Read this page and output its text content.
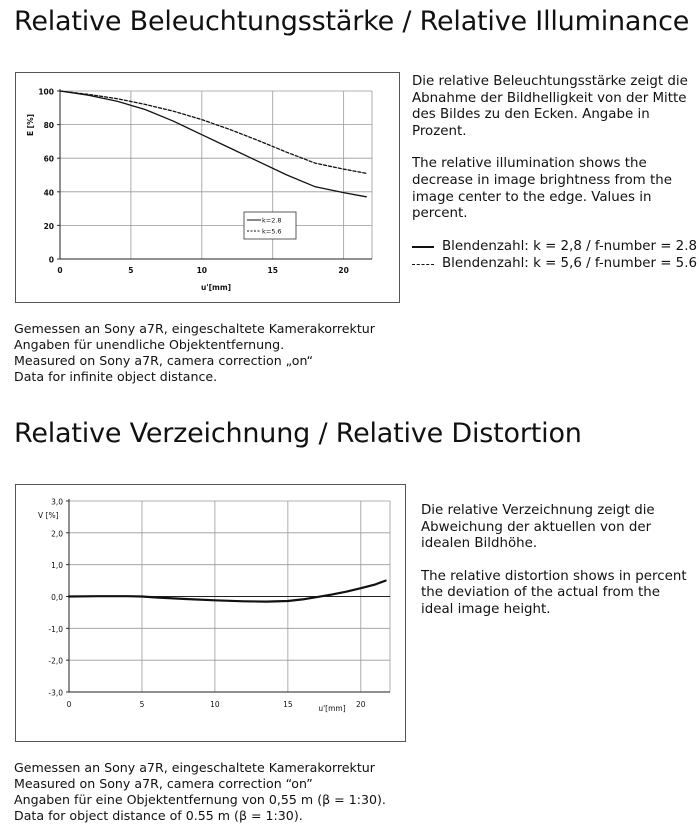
Relative Beleuchtungsstärke / Relative Illuminance
0
20
40
60
80
100
0	5	10	15	20
u'[mm]
E [%]
k=2.8
k=5.6

Die relative Beleuchtungsstärke zeigt die Abnahme der Bildhelligkeit von der Mitte des Bildes zu den Ecken. Angabe in Prozent.

The relative illumination shows the decrease in image brightness from the image center to the edge. Values in percent.

Blendenzahl: k = 2,8 / f-number = 2.8
Blendenzahl: k = 5,6 / f-number = 5.6

Gemessen an Sony a7R, eingeschaltete Kamerakorrektur

Angaben für unendliche Objektentfernung.

Measured on Sony a7R, camera correction „on“

Data for infinite object distance.

Relative Verzeichnung / Relative Distortion
3,0
2,0
1,0
0,0
-1,0
-2,0
-3,0
0	5	10	15	20
u'[mm]
V [%]	Die relative Verzeichnung zeigt die Abweichung der aktuellen von der idealen Bildhöhe.

The relative distortion shows in percent the deviation of the actual from the ideal image height.

Gemessen an Sony a7R, eingeschaltete Kamerakorrektur

Measured on Sony a7R, camera correction “on”

Angaben für eine Objektentfernung von 0,55 m (β = 1:30).

Data for object distance of 0.55 m (β = 1:30).
